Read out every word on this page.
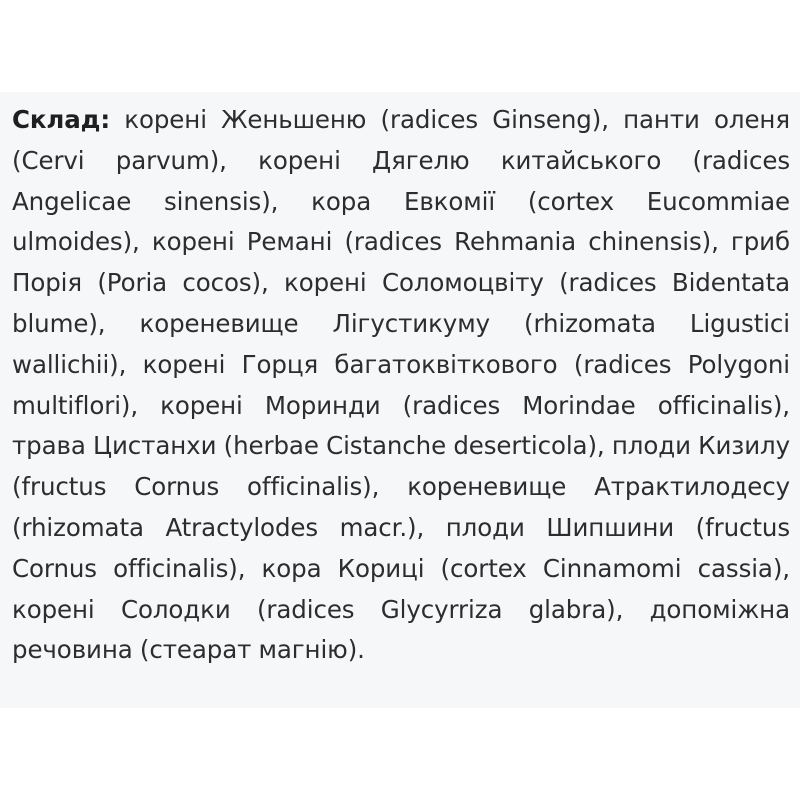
Склад: корені Женьшеню (radices Ginseng), панти оленя (Cervi parvum), корені Дягелю китайського (radices Angelicae sinensis), кора Евкомії (cortex Eucommiae ulmoides), корені Ремані (radices Rehmania chinensis), гриб Порія (Poria cocos), корені Соломоцвіту (radices Bidentata blume), кореневище Лігустикуму (rhizomata Ligustici wallichii), корені Горця багатоквіткового (radices Polygoni multiflori), корені Моринди (radices Morindae officinalis), трава Цистанхи (herbae Cistanche deserticola), плоди Кизилу (fructus Cornus officinalis), кореневище Атрактилодесу (rhizomata Atractylodes macr.), плоди Шипшини (fructus Cornus officinalis), кора Кориці (cortex Cinnamomi cassia), корені Солодки (radices Glycyrriza glabra), допоміжна речовина (стеарат магнію).
